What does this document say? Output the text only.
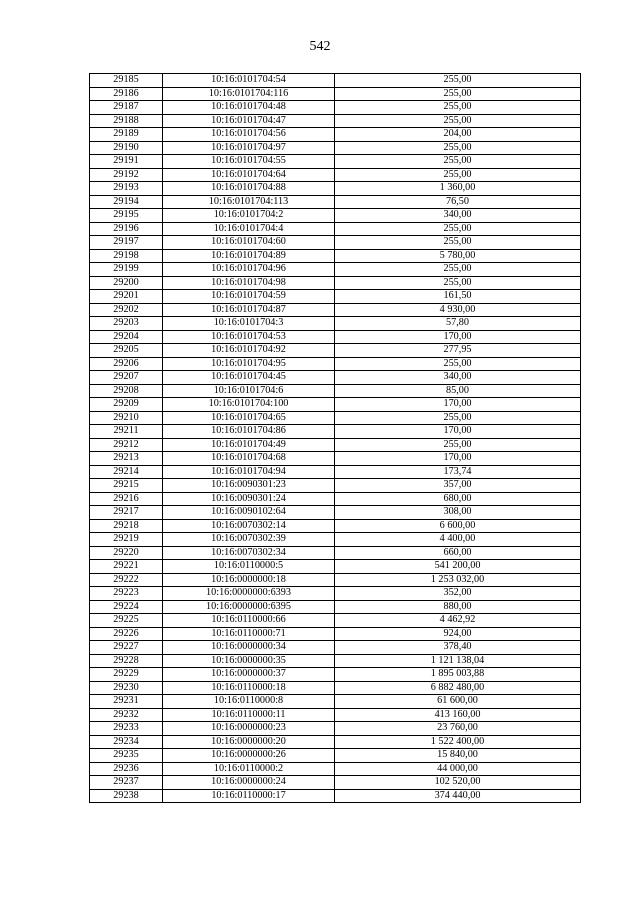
542
29185	10:16:0101704:54	255,00
29186	10:16:0101704:116	255,00
29187	10:16:0101704:48	255,00
29188	10:16:0101704:47	255,00
29189	10:16:0101704:56	204,00
29190	10:16:0101704:97	255,00
29191	10:16:0101704:55	255,00
29192	10:16:0101704:64	255,00
29193	10:16:0101704:88	1 360,00
29194	10:16:0101704:113	76,50
29195	10:16:0101704:2	340,00
29196	10:16:0101704:4	255,00
29197	10:16:0101704:60	255,00
29198	10:16:0101704:89	5 780,00
29199	10:16:0101704:96	255,00
29200	10:16:0101704:98	255,00
29201	10:16:0101704:59	161,50
29202	10:16:0101704:87	4 930,00
29203	10:16:0101704:3	57,80
29204	10:16:0101704:53	170,00
29205	10:16:0101704:92	277,95
29206	10:16:0101704:95	255,00
29207	10:16:0101704:45	340,00
29208	10:16:0101704:6	85,00
29209	10:16:0101704:100	170,00
29210	10:16:0101704:65	255,00
29211	10:16:0101704:86	170,00
29212	10:16:0101704:49	255,00
29213	10:16:0101704:68	170,00
29214	10:16:0101704:94	173,74
29215	10:16:0090301:23	357,00
29216	10:16:0090301:24	680,00
29217	10:16:0090102:64	308,00
29218	10:16:0070302:14	6 600,00
29219	10:16:0070302:39	4 400,00
29220	10:16:0070302:34	660,00
29221	10:16:0110000:5	541 200,00
29222	10:16:0000000:18	1 253 032,00
29223	10:16:0000000:6393	352,00
29224	10:16:0000000:6395	880,00
29225	10:16:0110000:66	4 462,92
29226	10:16:0110000:71	924,00
29227	10:16:0000000:34	378,40
29228	10:16:0000000:35	1 121 138,04
29229	10:16:0000000:37	1 895 003,88
29230	10:16:0110000:18	6 882 480,00
29231	10:16:0110000:8	61 600,00
29232	10:16:0110000:11	413 160,00
29233	10:16:0000000:23	23 760,00
29234	10:16:0000000:20	1 522 400,00
29235	10:16:0000000:26	15 840,00
29236	10:16:0110000:2	44 000,00
29237	10:16:0000000:24	102 520,00
29238	10:16:0110000:17	374 440,00
